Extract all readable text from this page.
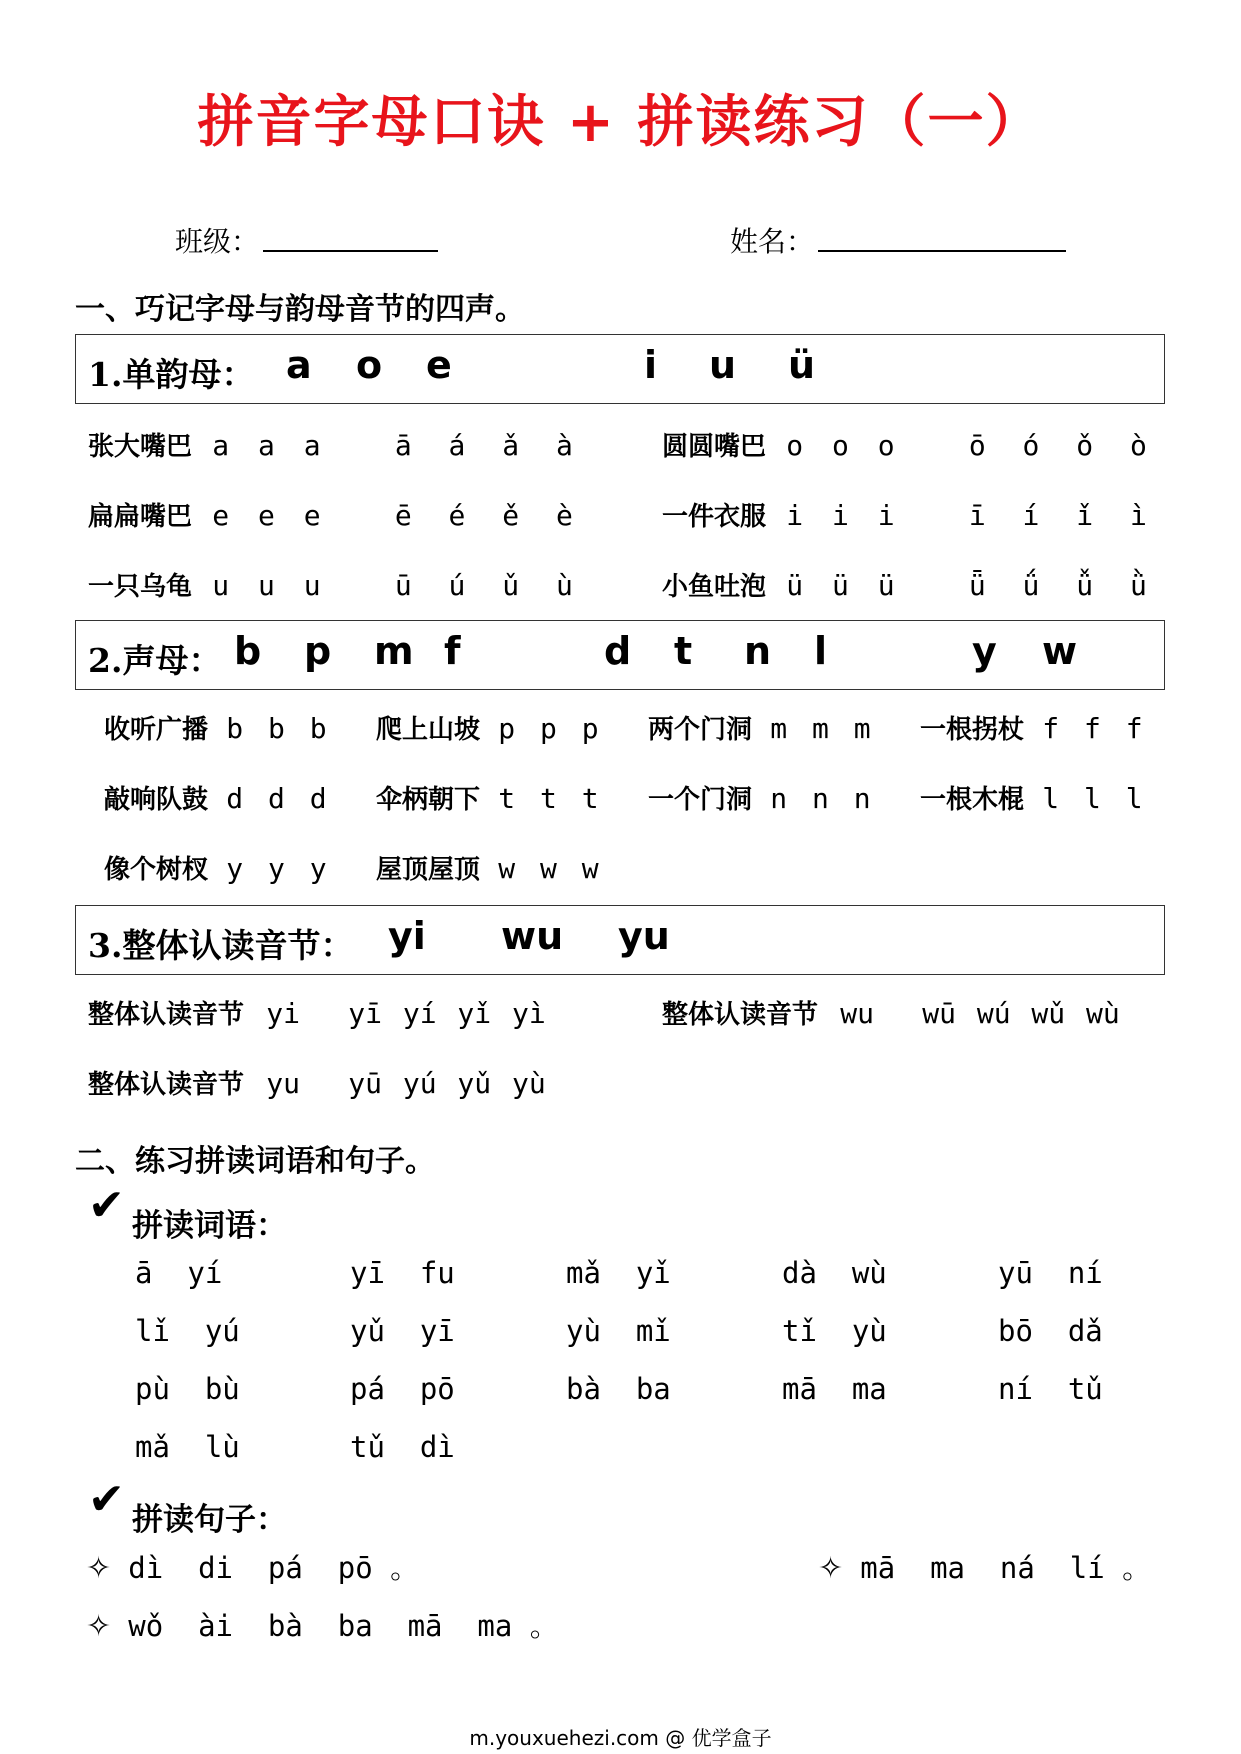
拼音字母口诀 + 拼读练习（一）
班级：	姓名：
一、巧记字母与韵母音节的四声。
1.单韵母： a o e	i u ü
张大嘴巴 a a a ā á ǎ à	圆圆嘴巴 o o o ō ó ǒ ò
扁扁嘴巴 e e e ē é ě è	一件衣服 i i i ī í ǐ ì
一只乌龟 u u u ū ú ǔ ù	小鱼吐泡 ü ü ü ǖ ǘ ǚ ǜ
2.声母： b p m f	d t n l	y w
收听广播 b b b 爬上山坡 p p p 两个门洞 m m m 一根拐杖 f f f
敲响队鼓 d d d 伞柄朝下 t t t 一个门洞 n n n 一根木棍 l l l
像个树杈 y y y 屋顶屋顶 w w w
3.整体认读音节： yi wu yu
整体认读音节 yi yī yí yǐ yì	整体认读音节 wu wū wú wǔ wù
整体认读音节 yu yū yú yǔ yù
二、练习拼读词语和句子。
✔ 拼读词语：
ā  yí	yī  fu	mǎ  yǐ	dà  wù	yū  ní
lǐ  yú	yǔ  yī	yù  mǐ	tǐ  yù	bō  dǎ
pù  bù	pá  pō	bà  ba	mā  ma	ní  tǔ
mǎ  lù	tǔ  dì
✔ 拼读句子：
✧ dì  di  pá  pō 。	✧ mā  ma  ná  lí 。
✧ wǒ  ài  bà  ba  mā  ma 。
m.youxuehezi.com @ 优学盒子
